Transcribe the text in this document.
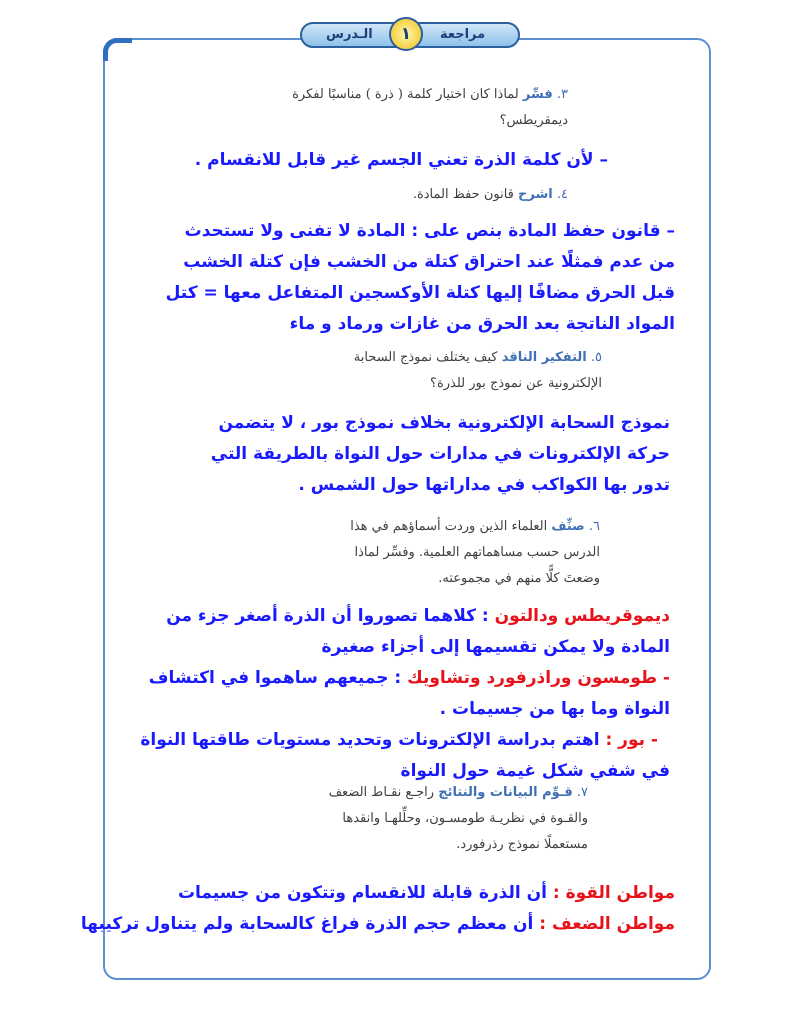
الـدرس	١	مراجعة
٣. فسِّر لماذا كان اختيار كلمة ( ذرة ) مناسبًا لفكرة
ديمقريطس؟
– لأن كلمة الذرة تعني الجسم غير قابل للانقسام .
٤. اشرح قانون حفظ المادة.
– قانون حفظ المادة بنص على : المادة لا تفنى ولا تستحدث
من عدم فمثلًا عند احتراق كتلة من الخشب فإن كتلة الخشب
قبل الحرق مضافًا إليها كتلة الأوكسجين المتفاعل معها = كتل
المواد الناتجة بعد الحرق من غازات ورماد و ماء
٥. التفكير الناقد كيف يختلف نموذج السحابة
الإلكترونية عن نموذج بور للذرة؟
نموذج السحابة الإلكترونية بخلاف نموذج بور ، لا يتضمن
حركة الإلكترونات في مدارات حول النواة بالطريقة التي
تدور بها الكواكب في مداراتها حول الشمس .
٦. صنِّف العلماء الذين وردت أسماؤهم في هذا
الدرس حسب مساهماتهم العلمية. وفسِّر لماذا
وضعتَ كلًّا منهم في مجموعته.
ديموقريطس ودالتون : كلاهما تصوروا أن الذرة أصغر جزء من
المادة ولا يمكن تقسيمها إلى أجزاء صغيرة
- طومسون وراذرفورد وتشاويك : جميعهم ساهموا في اكتشاف
النواة وما بها من جسيمات .
- بور : اهتم بدراسة الإلكترونات وتحديد مستويات طاقتها النواة
في شفي شكل غيمة حول النواة
٧. قـوِّم البيانات والنتائج راجـع نقـاط الضعف
والقـوة في نظريـة طومسـون، وحلِّلهـا وانقدها
مستعملًا نموذج رذرفورد.
مواطن القوة : أن الذرة قابلة للانقسام وتتكون من جسيمات
مواطن الضعف : أن معظم حجم الذرة فراغ كالسحابة ولم يتناول تركيبها
